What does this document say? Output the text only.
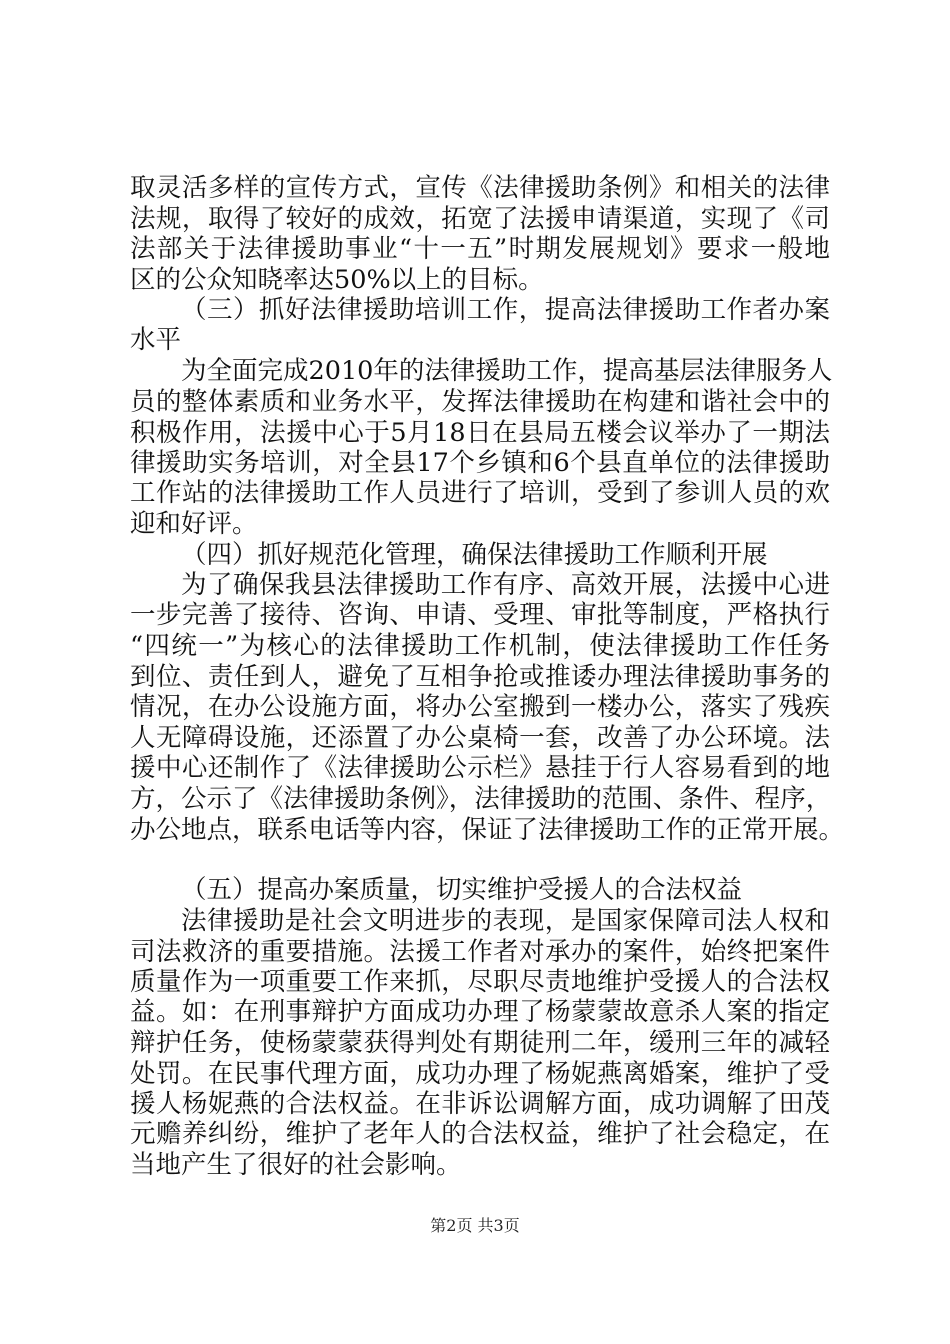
取灵活多样的宣传方式，宣传《法律援助条例》和相关的法律
法规，取得了较好的成效，拓宽了法援申请渠道，实现了《司
法部关于法律援助事业“十一五”时期发展规划》要求一般地
区的公众知晓率达50%以上的目标。
（三）抓好法律援助培训工作，提高法律援助工作者办案
水平
为全面完成2010年的法律援助工作，提高基层法律服务人
员的整体素质和业务水平，发挥法律援助在构建和谐社会中的
积极作用，法援中心于5月18日在县局五楼会议举办了一期法
律援助实务培训，对全县17个乡镇和6个县直单位的法律援助
工作站的法律援助工作人员进行了培训，受到了参训人员的欢
迎和好评。
（四）抓好规范化管理，确保法律援助工作顺利开展
为了确保我县法律援助工作有序、高效开展，法援中心进
一步完善了接待、咨询、申请、受理、审批等制度，严格执行
“四统一”为核心的法律援助工作机制，使法律援助工作任务
到位、责任到人，避免了互相争抢或推诿办理法律援助事务的
情况，在办公设施方面，将办公室搬到一楼办公，落实了残疾
人无障碍设施，还添置了办公桌椅一套，改善了办公环境。法
援中心还制作了《法律援助公示栏》悬挂于行人容易看到的地
方，公示了《法律援助条例》，法律援助的范围、条件、程序，
办公地点，联系电话等内容，保证了法律援助工作的正常开展。
（五）提高办案质量，切实维护受援人的合法权益
法律援助是社会文明进步的表现，是国家保障司法人权和
司法救济的重要措施。法援工作者对承办的案件，始终把案件
质量作为一项重要工作来抓，尽职尽责地维护受援人的合法权
益。如：在刑事辩护方面成功办理了杨蒙蒙故意杀人案的指定
辩护任务，使杨蒙蒙获得判处有期徒刑二年，缓刑三年的减轻
处罚。在民事代理方面，成功办理了杨妮燕离婚案，维护了受
援人杨妮燕的合法权益。在非诉讼调解方面，成功调解了田茂
元赡养纠纷，维护了老年人的合法权益，维护了社会稳定，在
当地产生了很好的社会影响。
第2页 共3页
